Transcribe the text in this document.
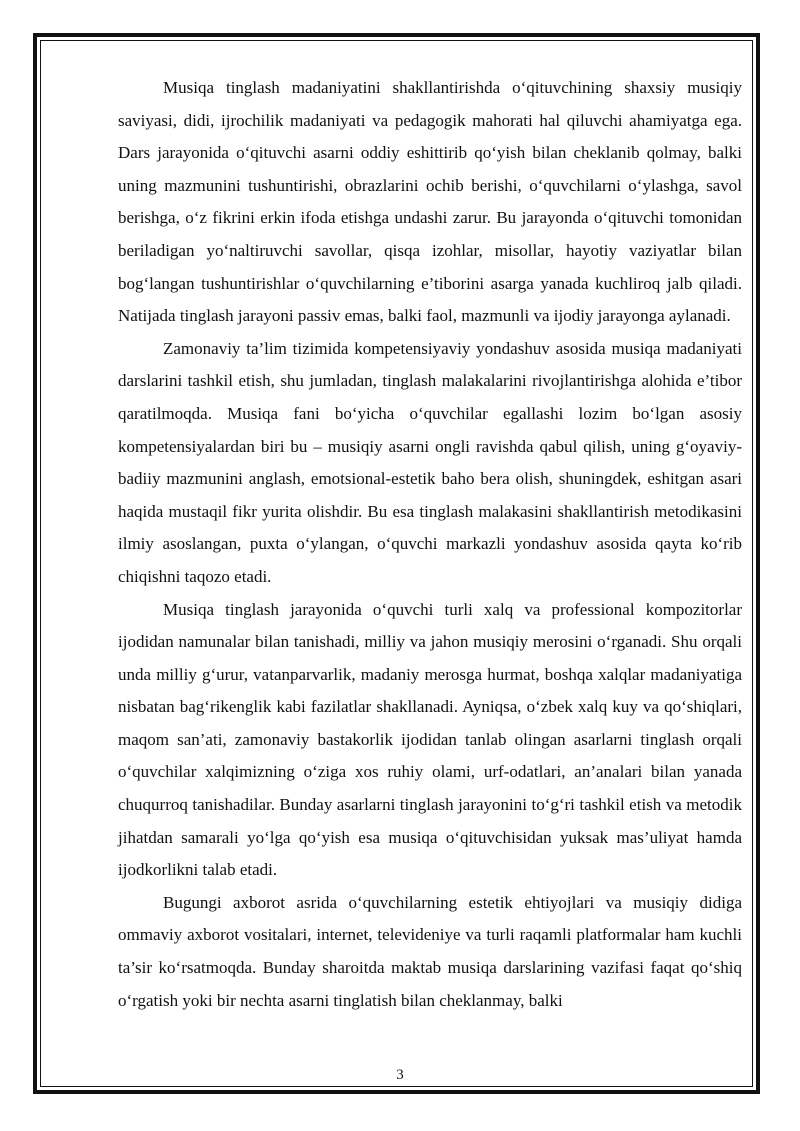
Musiqa tinglash madaniyatini shakllantirishda o‘qituvchining shaxsiy musiqiy saviyasi, didi, ijrochilik madaniyati va pedagogik mahorati hal qiluvchi ahamiyatga ega. Dars jarayonida o‘qituvchi asarni oddiy eshittirib qo‘yish bilan cheklanib qolmay, balki uning mazmunini tushuntirishi, obrazlarini ochib berishi, o‘quvchilarni o‘ylashga, savol berishga, o‘z fikrini erkin ifoda etishga undashi zarur. Bu jarayonda o‘qituvchi tomonidan beriladigan yo‘naltiruvchi savollar, qisqa izohlar, misollar, hayotiy vaziyatlar bilan bog‘langan tushuntirishlar o‘quvchilarning e’tiborini asarga yanada kuchliroq jalb qiladi. Natijada tinglash jarayoni passiv emas, balki faol, mazmunli va ijodiy jarayonga aylanadi.

Zamonaviy ta’lim tizimida kompetensiyaviy yondashuv asosida musiqa madaniyati darslarini tashkil etish, shu jumladan, tinglash malakalarini rivojlantirishga alohida e’tibor qaratilmoqda. Musiqa fani bo‘yicha o‘quvchilar egallashi lozim bo‘lgan asosiy kompetensiyalardan biri bu – musiqiy asarni ongli ravishda qabul qilish, uning g‘oyaviy-badiiy mazmunini anglash, emotsional-estetik baho bera olish, shuningdek, eshitgan asari haqida mustaqil fikr yurita olishdir. Bu esa tinglash malakasini shakllantirish metodikasini ilmiy asoslangan, puxta o‘ylangan, o‘quvchi markazli yondashuv asosida qayta ko‘rib chiqishni taqozo etadi.

Musiqa tinglash jarayonida o‘quvchi turli xalq va professional kompozitorlar ijodidan namunalar bilan tanishadi, milliy va jahon musiqiy merosini o‘rganadi. Shu orqali unda milliy g‘urur, vatanparvarlik, madaniy merosga hurmat, boshqa xalqlar madaniyatiga nisbatan bag‘rikenglik kabi fazilatlar shakllanadi. Ayniqsa, o‘zbek xalq kuy va qo‘shiqlari, maqom san’ati, zamonaviy bastakorlik ijodidan tanlab olingan asarlarni tinglash orqali o‘quvchilar xalqimizning o‘ziga xos ruhiy olami, urf-odatlari, an’analari bilan yanada chuqurroq tanishadilar. Bunday asarlarni tinglash jarayonini to‘g‘ri tashkil etish va metodik jihatdan samarali yo‘lga qo‘yish esa musiqa o‘qituvchisidan yuksak mas’uliyat hamda ijodkorlikni talab etadi.

Bugungi axborot asrida o‘quvchilarning estetik ehtiyojlari va musiqiy didiga ommaviy axborot vositalari, internet, televideniye va turli raqamli platformalar ham kuchli ta’sir ko‘rsatmoqda. Bunday sharoitda maktab musiqa darslarining vazifasi faqat qo‘shiq o‘rgatish yoki bir nechta asarni tinglatish bilan cheklanmay, balki

3
